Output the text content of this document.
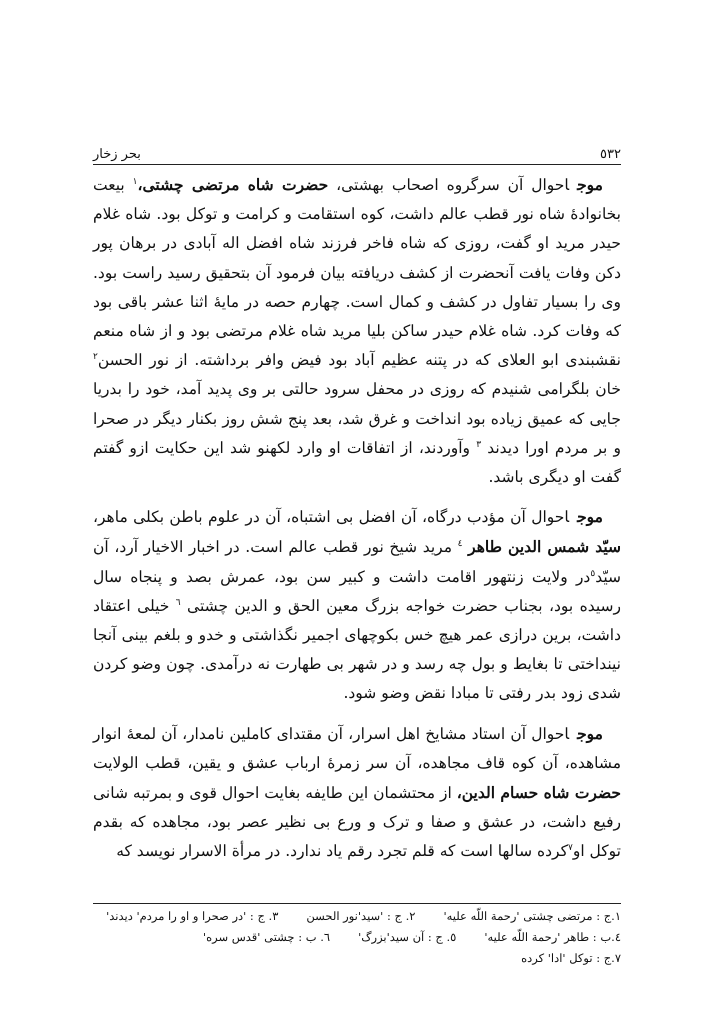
٥٣٢
بحر زخار

موجاحوال آن سرگروه اصحاب بهشتی، حضرت شاه مرتضی چشتی،$^١$ بیعت بخانوادۀ شاه نور قطب عالم داشت، کوه استقامت و کرامت و توکل بود. شاه غلام حیدر مرید او گفت، روزی که شاه فاخر فرزند شاه افضل اله آبادی در برهان پور دکن وفات یافت آنحضرت از کشف دریافته بیان فرمود آن بتحقیق رسید راست بود. وی را بسیار تفاول در کشف و کمال است. چهارم حصه در مایۀ اثنا عشر باقی بود که وفات کرد. شاه غلام حیدر ساکن بلیا مرید شاه غلام مرتضی بود و از شاه منعم نقشبندی ابو العلای که در پتنه عظیم آباد بود فیض وافر برداشته. از نور الحسن$^٢$ خان بلگرامی شنیدم که روزی در محفل سرود حالتی بر وی پدید آمد، خود را بدریا جایی که عمیق زیاده بود انداخت و غرق شد، بعد پنج شش روز بکنار دیگر در صحرا و بر مردم اورا دیدند $^٣$ وآوردند، از اتفاقات او وارد لکهنو شد این حکایت ازو گفتم گفت او دیگری باشد.

موجاحوال آن مؤدب درگاه، آن افضل بی اشتباه، آن در علوم باطن بکلی ماهر، سیّد شمس الدین طاهر $^٤$ مرید شیخ نور قطب عالم است. در اخبار الاخیار آرد، آن سیّد$^٥$در ولایت زنتهور اقامت داشت و کبیر سن بود، عمرش بصد و پنجاه سال رسیده بود، بجناب حضرت خواجه بزرگ معین الحق و الدین چشتی $^٦$ خیلی اعتقاد داشت، برین درازی عمر هیچ خس بکوچهای اجمیر نگذاشتی و خدو و بلغم بینی آنجا نینداختی تا بغایط و بول چه رسد و در شهر بی طهارت نه درآمدی. چون وضو کردن شدی زود بدر رفتی تا مبادا نقض وضو شود.

موجاحوال آن استاد مشایخ اهل اسرار، آن مقتدای کاملین نامدار، آن لمعۀ انوار مشاهده، آن کوه قاف مجاهده، آن سر زمرۀ ارباب عشق و یقین، قطب الولایت حضرت شاه حسام الدین، از محتشمان این طایفه بغایت احوال قوی و بمرتبه شانی رفیع داشت، در عشق و صفا و ترک و ورع بی نظیر عصر بود، مجاهده که بقدم توکل او$^٧$کرده سالها است که قلم تجرد رقم یاد ندارد. در مرأة الاسرار نویسد که

١.ج : مرتضی چشتی 'رحمة اللّه علیه'
٢. ج : 'سید'نور الحسن
٣. ج : 'در صحرا و او را مردم' دیدند'
٤.ب : طاهر 'رحمة اللّه علیه'
٥. ج : آن سید'بزرگ'
٦. ب : چشتی 'قدس سره'
٧.ج : توکل 'ادا' کرده
